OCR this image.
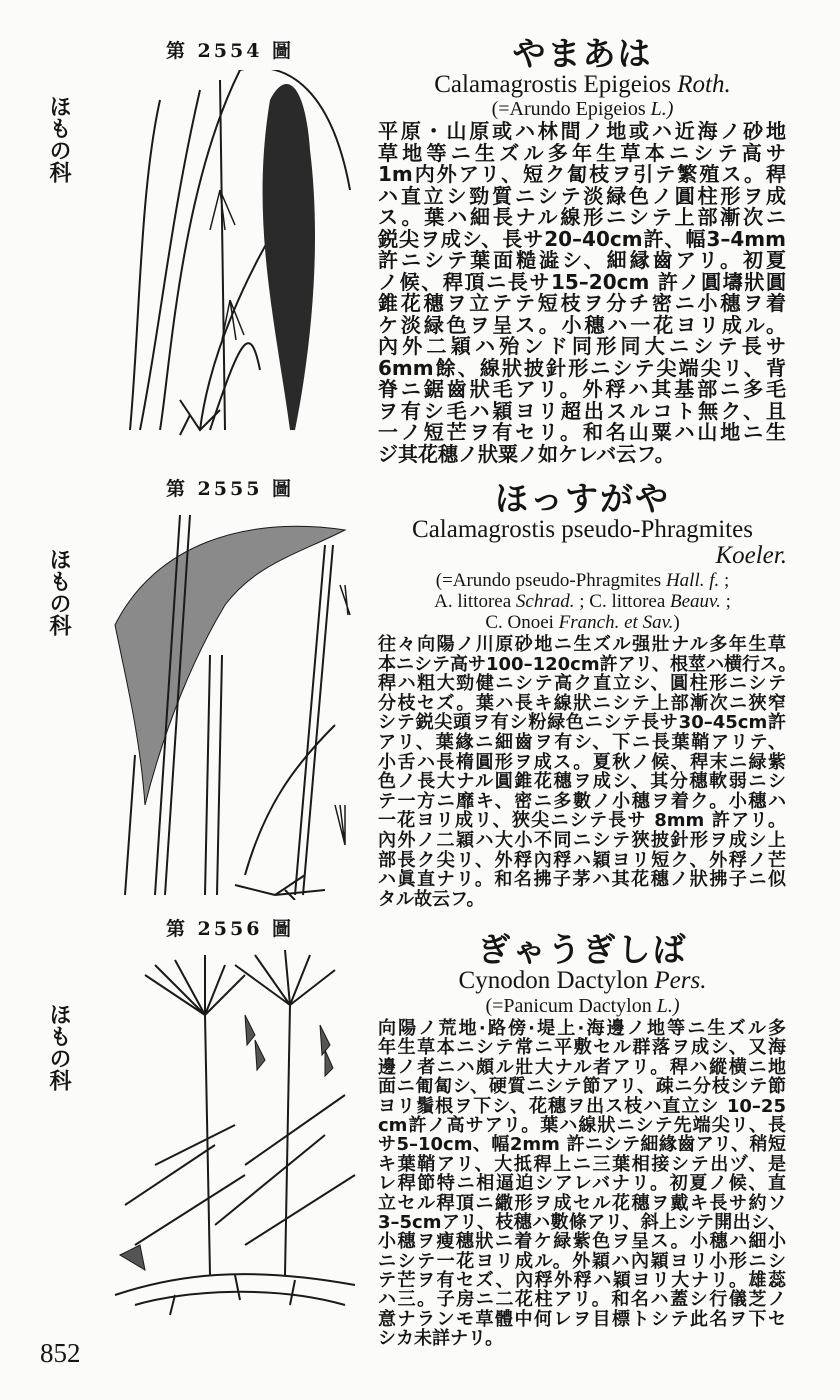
第 2554 圖
ほもの科
やまあは
Calamagrostis Epigeios Roth.
(=Arundo Epigeios L.)
平原・山原或ハ林間ノ地或ハ近海ノ砂地
草地等ニ生ズル多年生草本ニシテ高サ
1m内外アリ、短ク匐枝ヲ引テ繁殖ス。稈
ハ直立シ勁質ニシテ淡緑色ノ圓柱形ヲ成
ス。葉ハ細長ナル線形ニシテ上部漸次ニ
鋭尖ヲ成シ、長サ20–40cm許、幅3–4mm
許ニシテ葉面糙澁シ、細縁齒アリ。初夏
ノ候、稈頂ニ長サ15–20cm 許ノ圓壔狀圓
錐花穗ヲ立テテ短枝ヲ分チ密ニ小穗ヲ着
ケ淡緑色ヲ呈ス。小穗ハ一花ヨリ成ル。
內外二穎ハ殆ンド同形同大ニシテ長サ
6mm餘、線狀披針形ニシテ尖端尖リ、背
脊ニ鋸齒狀毛アリ。外稃ハ其基部ニ多毛
ヲ有シ毛ハ穎ヨリ超出スルコト無ク、且
一ノ短芒ヲ有セリ。和名山粟ハ山地ニ生
ジ其花穗ノ狀粟ノ如ケレバ云フ。
第 2555 圖
ほもの科
ほっすがや
Calamagrostis pseudo-Phragmites
Koeler.
(=Arundo pseudo-Phragmites Hall. f. ;
A. littorea Schrad. ; C. littorea Beauv. ;
C. Onoei Franch. et Sav.)
往々向陽ノ川原砂地ニ生ズル强壯ナル多年生草
本ニシテ高サ100–120cm許アリ、根莖ハ横行ス。
稈ハ粗大勁健ニシテ高ク直立シ、圓柱形ニシテ
分枝セズ。葉ハ長キ線狀ニシテ上部漸次ニ狹窄
シテ鋭尖頭ヲ有シ粉緑色ニシテ長サ30–45cm許
アリ、葉緣ニ細齒ヲ有シ、下ニ長葉鞘アリテ、
小舌ハ長楕圓形ヲ成ス。夏秋ノ候、稈末ニ緑紫
色ノ長大ナル圓錐花穗ヲ成シ、其分穗軟弱ニシ
テ一方ニ靡キ、密ニ多數ノ小穗ヲ着ク。小穗ハ
一花ヨリ成リ、狹尖ニシテ長サ 8mm 許アリ。
內外ノ二穎ハ大小不同ニシテ狹披針形ヲ成シ上
部長ク尖リ、外稃內稃ハ穎ヨリ短ク、外稃ノ芒
ハ眞直ナリ。和名拂子茅ハ其花穗ノ狀拂子ニ似
タル故云フ。
第 2556 圖
ほもの科
ぎゃうぎしば
Cynodon Dactylon Pers.
(=Panicum Dactylon L.)
向陽ノ荒地·路傍·堤上·海邊ノ地等ニ生ズル多
年生草本ニシテ常ニ平敷セル群落ヲ成シ、又海
邊ノ者ニハ頗ル壯大ナル者アリ。稈ハ縱横ニ地
面ニ匍匐シ、硬質ニシテ節アリ、疎ニ分枝シテ節
ヨリ鬚根ヲ下シ、花穗ヲ出ス枝ハ直立シ 10–25
cm許ノ高サアリ。葉ハ線狀ニシテ先端尖リ、長
サ5–10cm、幅2mm 許ニシテ細緣齒アリ、稍短
キ葉鞘アリ、大抵稈上ニ三葉相接シテ出ヅ、是
レ稈節特ニ相逼迫シアレバナリ。初夏ノ候、直
立セル稈頂ニ繖形ヲ成セル花穗ヲ戴キ長サ約ソ
3–5cmアリ、枝穗ハ數條アリ、斜上シテ開出シ、
小穗ヲ瘦穗狀ニ着ケ緑紫色ヲ呈ス。小穗ハ細小
ニシテ一花ヨリ成ル。外穎ハ內穎ヨリ小形ニシ
テ芒ヲ有セズ、內稃外稃ハ穎ヨリ大ナリ。雄蕊
ハ三。子房ニ二花柱アリ。和名ハ蓋シ行儀芝ノ
意ナランモ草體中何レヲ目標トシテ此名ヲ下セ
シカ未詳ナリ。
852
